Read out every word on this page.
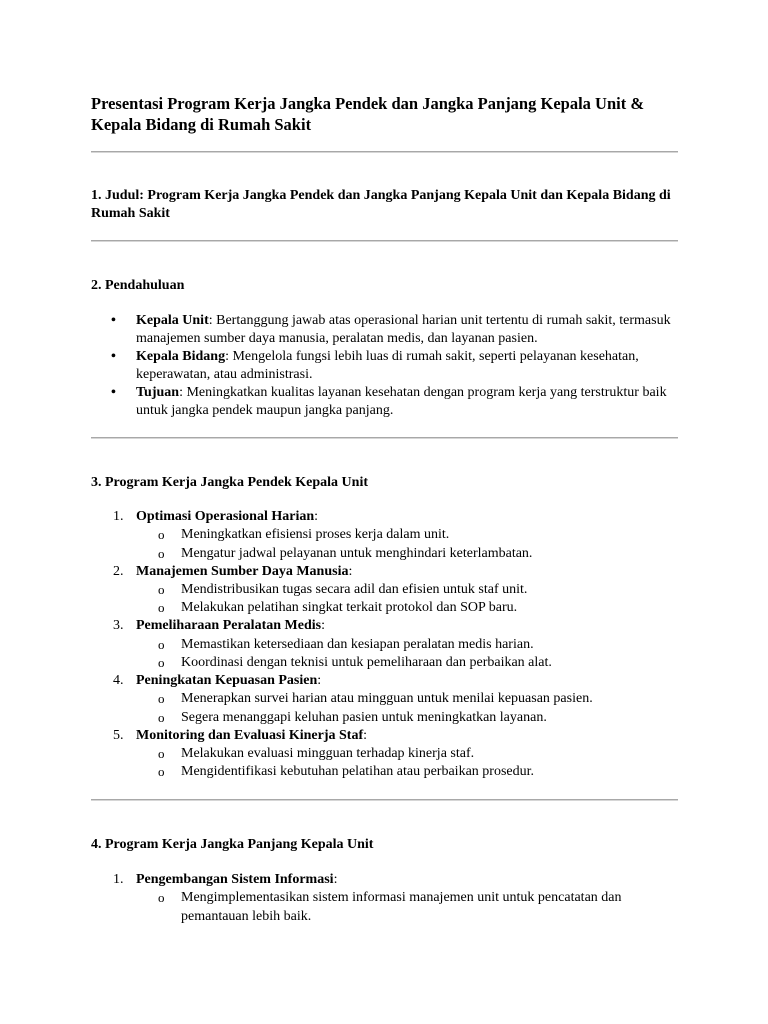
Presentasi Program Kerja Jangka Pendek dan Jangka Panjang Kepala Unit & Kepala Bidang di Rumah Sakit
1. Judul: Program Kerja Jangka Pendek dan Jangka Panjang Kepala Unit dan Kepala Bidang di Rumah Sakit
2. Pendahuluan
• Kepala Unit: Bertanggung jawab atas operasional harian unit tertentu di rumah sakit, termasuk manajemen sumber daya manusia, peralatan medis, dan layanan pasien.
• Kepala Bidang: Mengelola fungsi lebih luas di rumah sakit, seperti pelayanan kesehatan, keperawatan, atau administrasi.
• Tujuan: Meningkatkan kualitas layanan kesehatan dengan program kerja yang terstruktur baik untuk jangka pendek maupun jangka panjang.
3. Program Kerja Jangka Pendek Kepala Unit
1. Optimasi Operasional Harian:
o Meningkatkan efisiensi proses kerja dalam unit.
o Mengatur jadwal pelayanan untuk menghindari keterlambatan.
2. Manajemen Sumber Daya Manusia:
o Mendistribusikan tugas secara adil dan efisien untuk staf unit.
o Melakukan pelatihan singkat terkait protokol dan SOP baru.
3. Pemeliharaan Peralatan Medis:
o Memastikan ketersediaan dan kesiapan peralatan medis harian.
o Koordinasi dengan teknisi untuk pemeliharaan dan perbaikan alat.
4. Peningkatan Kepuasan Pasien:
o Menerapkan survei harian atau mingguan untuk menilai kepuasan pasien.
o Segera menanggapi keluhan pasien untuk meningkatkan layanan.
5. Monitoring dan Evaluasi Kinerja Staf:
o Melakukan evaluasi mingguan terhadap kinerja staf.
o Mengidentifikasi kebutuhan pelatihan atau perbaikan prosedur.
4. Program Kerja Jangka Panjang Kepala Unit
1. Pengembangan Sistem Informasi:
o Mengimplementasikan sistem informasi manajemen unit untuk pencatatan dan pemantauan lebih baik.
